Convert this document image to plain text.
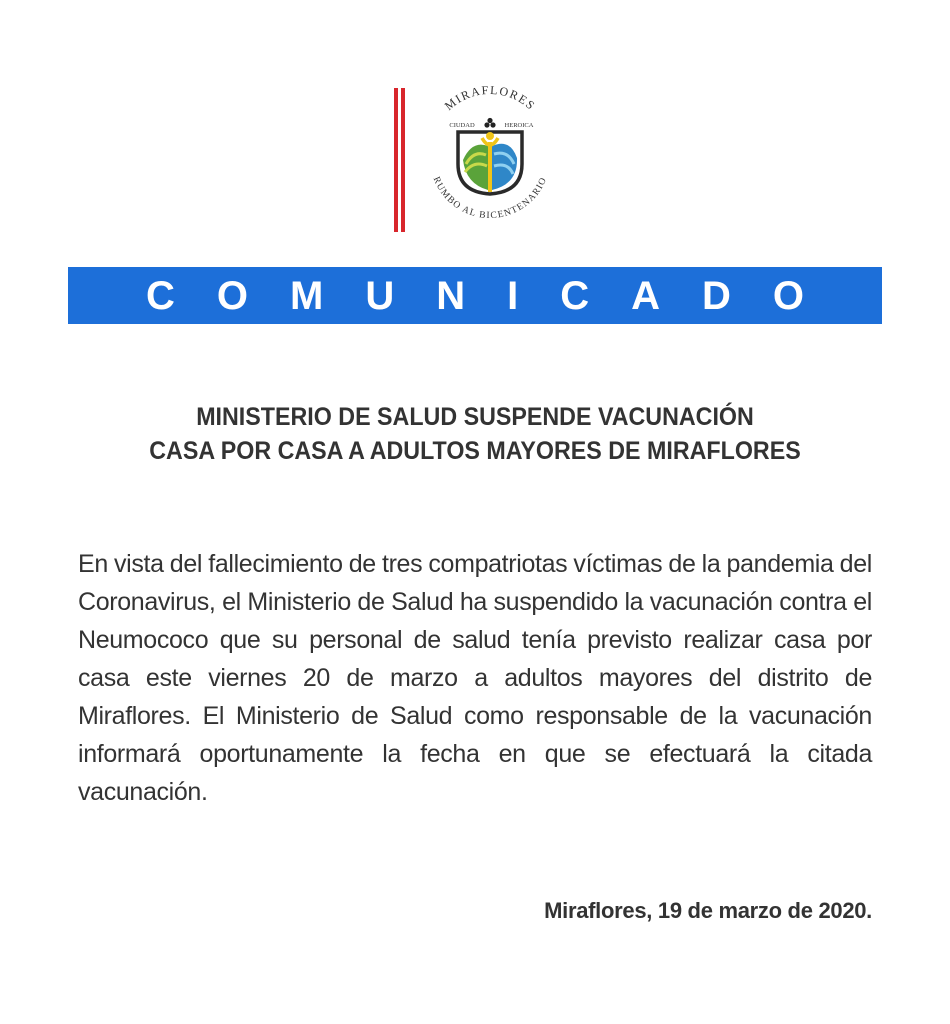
MIRAFLORES
RUMBO AL BICENTENARIO
CIUDAD	HEROICA
COMUNICADO
MINISTERIO DE SALUD SUSPENDE VACUNACIÓN
CASA POR CASA A ADULTOS MAYORES DE MIRAFLORES
En vista del fallecimiento de tres compatriotas víctimas de la pandemia del Coronavirus, el Ministerio de Salud ha suspendido la vacunación contra el Neumococo que su personal de salud tenía previsto realizar casa por casa este viernes 20 de marzo a adultos mayores del distrito de Miraflores. El Ministerio de Salud como responsable de la vacunación informará oportunamente la fecha en que se efectuará la citada vacunación.
Miraflores, 19 de marzo de 2020.
